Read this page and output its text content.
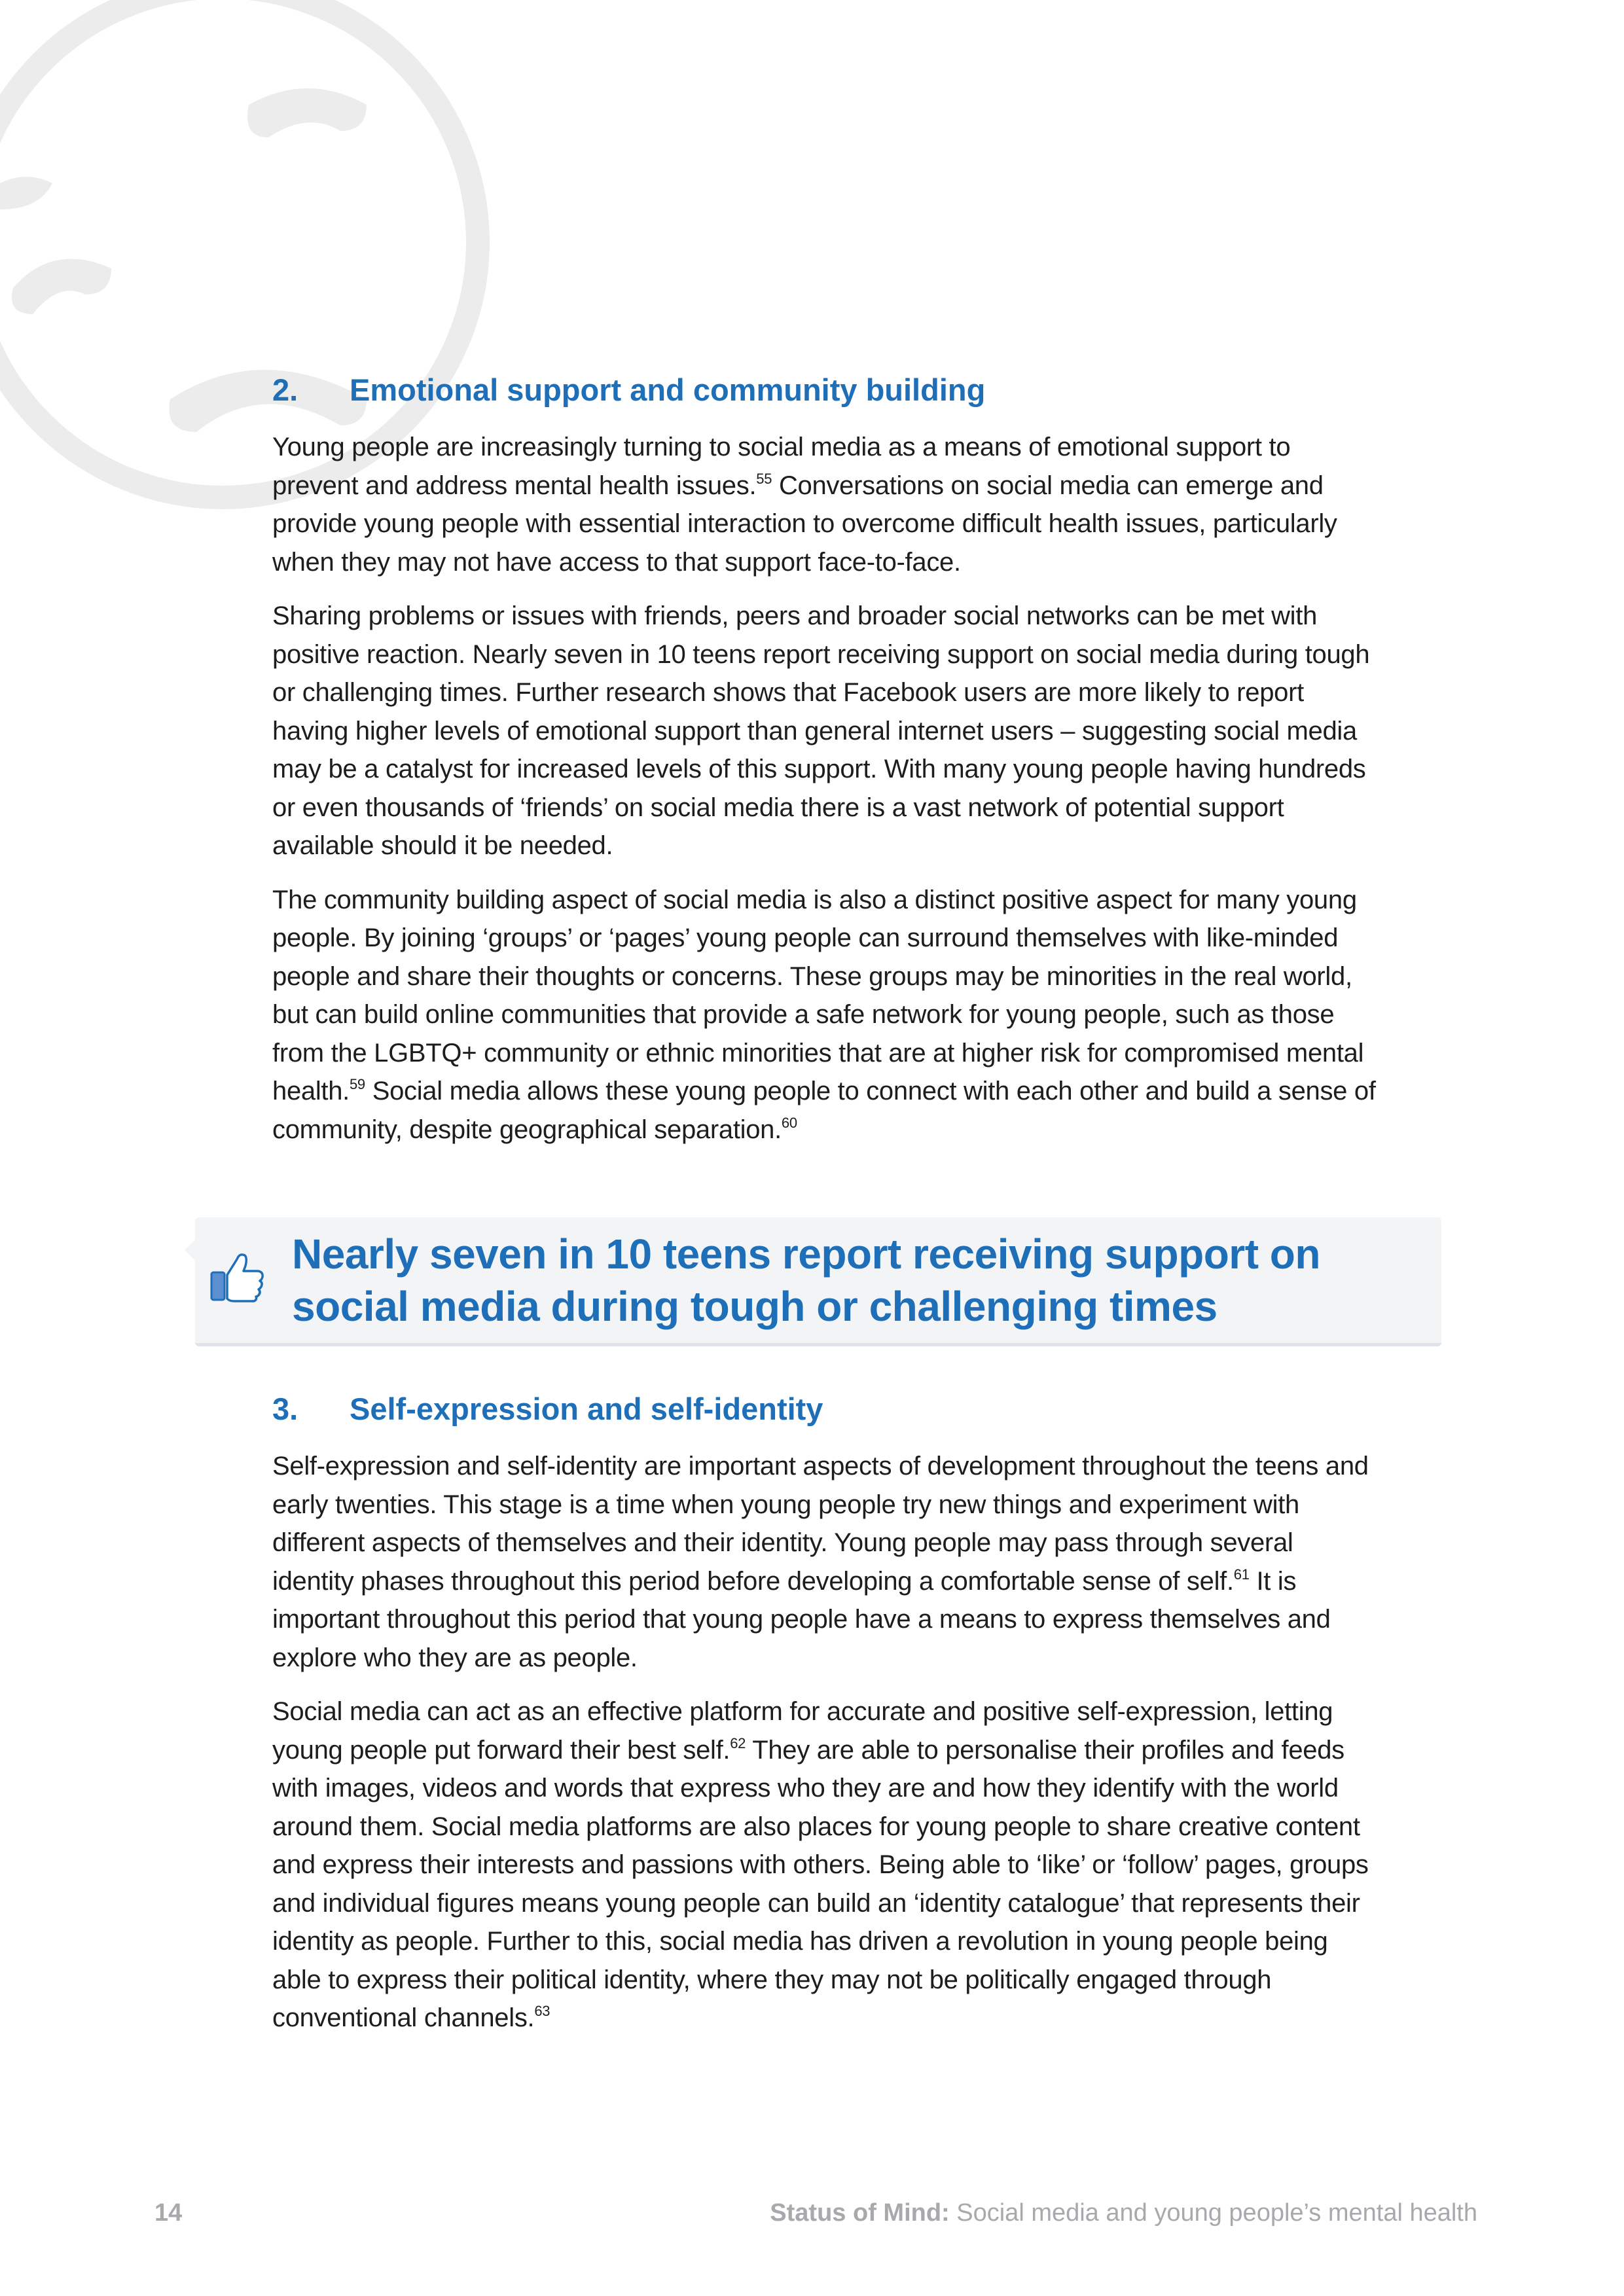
2.	Emotional support and community building

Young people are increasingly turning to social media as a means of emotional support to prevent and address mental health issues.$^{55}$ Conversations on social media can emerge and provide young people with essential interaction to overcome difficult health issues, particularly when they may not have access to that support face-to-face.

Sharing problems or issues with friends, peers and broader social networks can be met with positive reaction. Nearly seven in 10 teens report receiving support on social media during tough or challenging times. Further research shows that Facebook users are more likely to report having higher levels of emotional support than general internet users – suggesting social media may be a catalyst for increased levels of this support. With many young people having hundreds or even thousands of ‘friends’ on social media there is a vast network of potential support available should it be needed.

The community building aspect of social media is also a distinct positive aspect for many young people. By joining ‘groups’ or ‘pages’ young people can surround themselves with like-minded people and share their thoughts or concerns. These groups may be minorities in the real world, but can build online communities that provide a safe network for young people, such as those from the LGBTQ+ community or ethnic minorities that are at higher risk for compromised mental health.$^{59}$ Social media allows these young people to connect with each other and build a sense of community, despite geographical separation.$^{60}$

Nearly seven in 10 teens report receiving support on social media during tough or challenging times
3.	Self-expression and self-identity

Self-expression and self-identity are important aspects of development throughout the teens and early twenties. This stage is a time when young people try new things and experiment with different aspects of themselves and their identity. Young people may pass through several identity phases throughout this period before developing a comfortable sense of self.$^{61}$ It is important throughout this period that young people have a means to express themselves and explore who they are as people.

Social media can act as an effective platform for accurate and positive self-expression, letting young people put forward their best self.$^{62}$ They are able to personalise their profiles and feeds with images, videos and words that express who they are and how they identify with the world around them. Social media platforms are also places for young people to share creative content and express their interests and passions with others. Being able to ‘like’ or ‘follow’ pages, groups and individual figures means young people can build an ‘identity catalogue’ that represents their identity as people. Further to this, social media has driven a revolution in young people being able to express their political identity, where they may not be politically engaged through conventional channels.$^{63}$

14	Status of Mind: Social media and young people’s mental health
